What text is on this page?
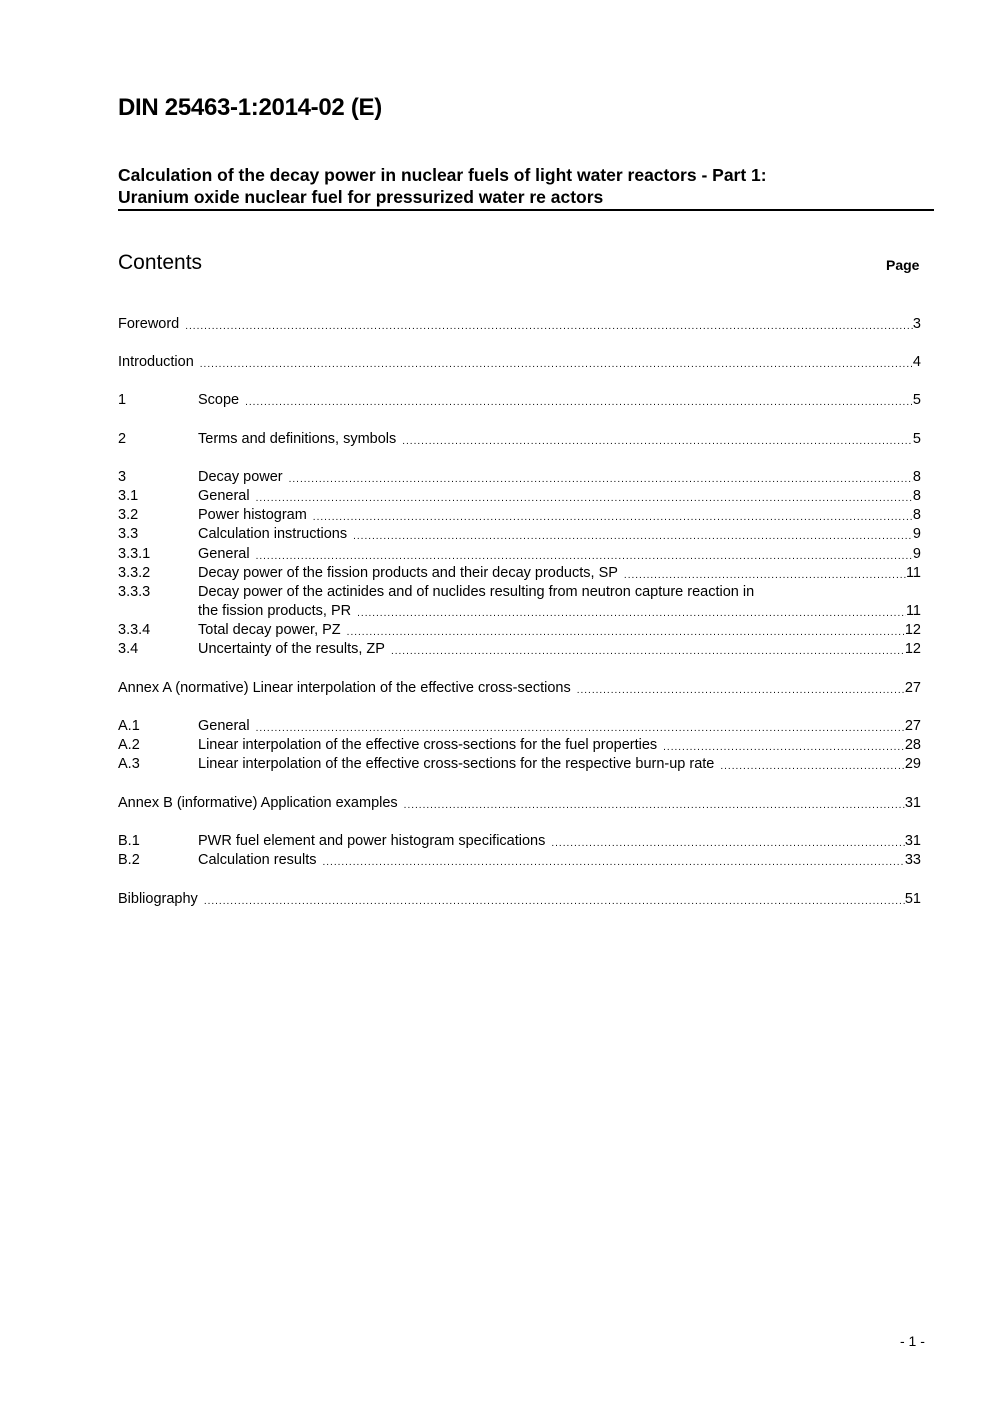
DIN 25463-1:2014-02 (E)
Calculation of the decay power in nuclear fuels of light water reactors - Part 1:
Uranium oxide nuclear fuel for pressurized water re actors
Contents	Page
Foreword .....	3
Introduction .....	4
1	Scope .....	5
2	Terms and definitions, symbols .....	5
3	Decay power .....	8
3.1	General .....	8
3.2	Power histogram .....	8
3.3	Calculation instructions .....	9
3.3.1	General .....	9
3.3.2	Decay power of the fission products and their decay products, SP .....	11
3.3.3	Decay power of the actinides and of nuclides resulting from neutron capture reaction in
the fission products, PR .....	11
3.3.4	Total decay power, PZ .....	12
3.4	Uncertainty of the results, ZP .....	12
Annex A (normative) Linear interpolation of the effective cross-sections .....	27
A.1	General .....	27
A.2	Linear interpolation of the effective cross-sections for the fuel properties .....	28
A.3	Linear interpolation of the effective cross-sections for the respective burn-up rate .....	29
Annex B (informative) Application examples .....	31
B.1	PWR fuel element and power histogram specifications .....	31
B.2	Calculation results .....	33
Bibliography .....	51
- 1 -
